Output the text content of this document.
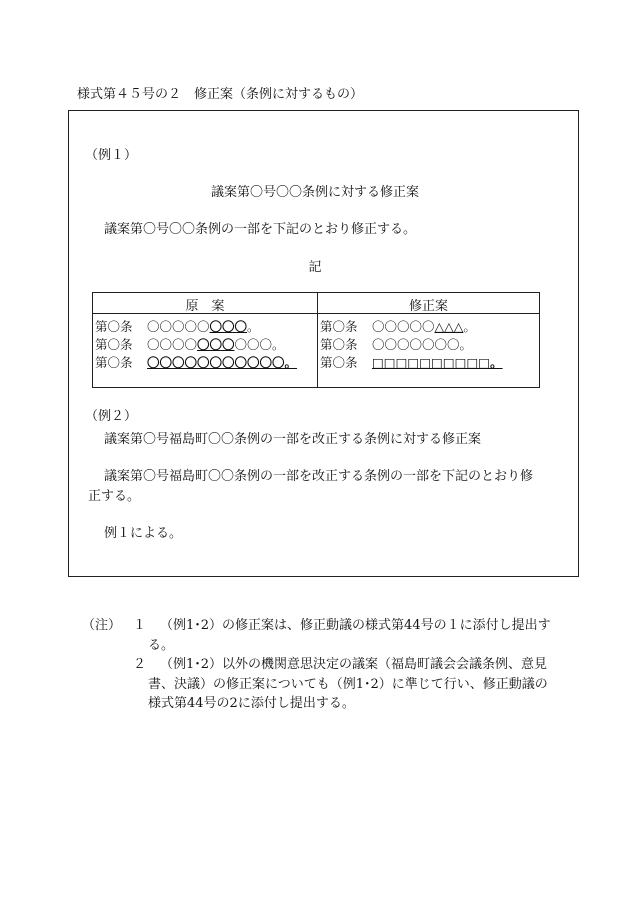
様式第４５号の２　修正案（条例に対するもの）
（例１）
議案第〇号〇〇条例に対する修正案
議案第〇号〇〇条例の一部を下記のとおり修正する。
記
原　案	修正案
第〇条 〇〇〇〇〇〇〇〇。
第〇条 〇〇〇〇〇〇〇〇〇〇。
第〇条 〇〇〇〇〇〇〇〇〇〇〇。
第〇条 〇〇〇〇〇△△△。
第〇条 〇〇〇〇〇〇〇。
第〇条 □□□□□□□□□□。
（例２）
議案第〇号福島町〇〇条例の一部を改正する条例に対する修正案
議案第〇号福島町〇〇条例の一部を改正する条例の一部を下記のとおり修
正する。
例１による。
（注） １ （例1･2）の修正案は、修正動議の様式第44号の１に添付し提出す
る。
２ （例1･2）以外の機関意思決定の議案（福島町議会会議条例、意見
書、決議）の修正案についても（例1･2）に準じて行い、修正動議の
様式第44号の2に添付し提出する。
